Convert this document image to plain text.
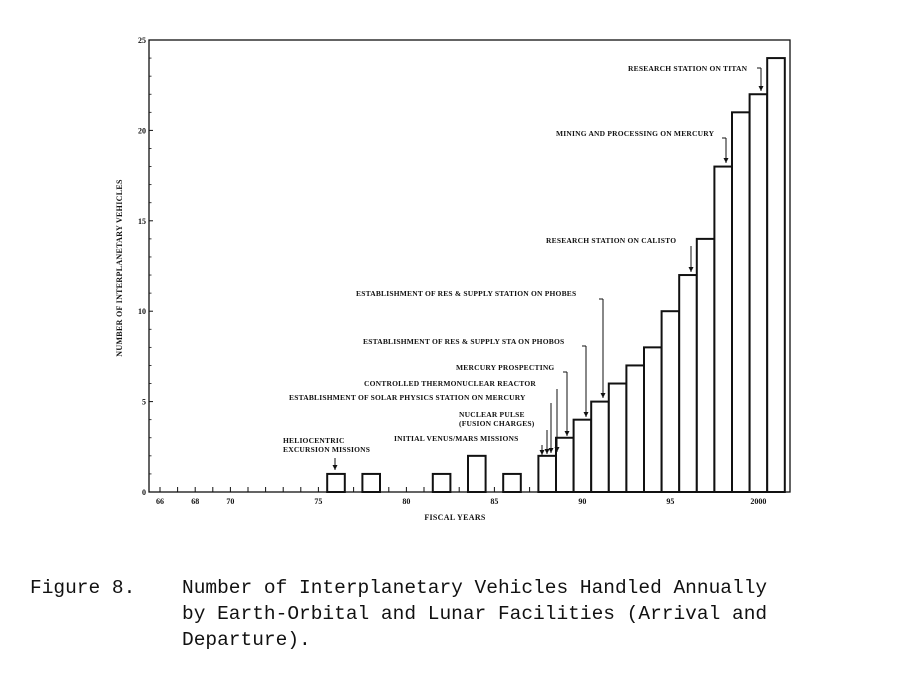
0
5
10
15
20
25
66	68	70	75	80	85	90	95	2000
HELIOCENTRIC
EXCURSION MISSIONS
INITIAL VENUS/MARS MISSIONS
NUCLEAR PULSE
(FUSION CHARGES)
ESTABLISHMENT OF SOLAR PHYSICS STATION ON MERCURY
CONTROLLED THERMONUCLEAR REACTOR
MERCURY PROSPECTING
ESTABLISHMENT OF RES & SUPPLY STA ON PHOBOS
ESTABLISHMENT OF RES & SUPPLY STATION ON PHOBES
RESEARCH STATION ON CALISTO
MINING AND PROCESSING ON MERCURY
RESEARCH STATION ON TITAN
FISCAL YEARS
NUMBER OF INTERPLANETARY VEHICLES
Figure 8. Number of Interplanetary Vehicles Handled Annually
by Earth-Orbital and Lunar Facilities (Arrival and
Departure).
